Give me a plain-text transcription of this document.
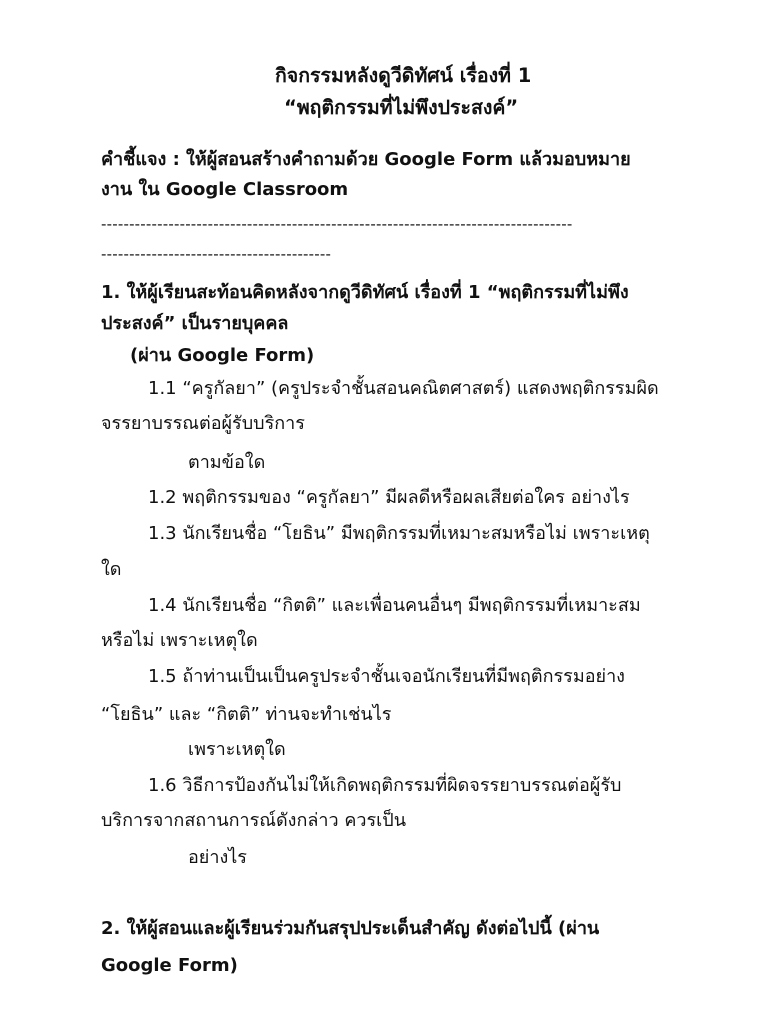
กิจกรรมหลังดูวีดิทัศน์ เรื่องที่ 1
“พฤติกรรมที่ไม่พึงประสงค์”
คำชี้แจง : ให้ผู้สอนสร้างคำถามด้วย Google Form แล้วมอบหมาย
งาน ใน Google Classroom
------------------------------------------------------------------------------------
-----------------------------------------
1. ให้ผู้เรียนสะท้อนคิดหลังจากดูวีดิทัศน์ เรื่องที่ 1 “พฤติกรรมที่ไม่พึง
ประสงค์” เป็นรายบุคคล
(ผ่าน Google Form)
1.1 “ครูกัลยา” (ครูประจำชั้นสอนคณิตศาสตร์) แสดงพฤติกรรมผิด
จรรยาบรรณต่อผู้รับบริการ
ตามข้อใด
1.2 พฤติกรรมของ “ครูกัลยา” มีผลดีหรือผลเสียต่อใคร อย่างไร
1.3 นักเรียนชื่อ “โยธิน” มีพฤติกรรมที่เหมาะสมหรือไม่ เพราะเหตุ
ใด
1.4 นักเรียนชื่อ “กิตติ” และเพื่อนคนอื่นๆ มีพฤติกรรมที่เหมาะสม
หรือไม่ เพราะเหตุใด
1.5 ถ้าท่านเป็นเป็นครูประจำชั้นเจอนักเรียนที่มีพฤติกรรมอย่าง
“โยธิน” และ “กิตติ” ท่านจะทำเช่นไร
เพราะเหตุใด
1.6 วิธีการป้องกันไม่ให้เกิดพฤติกรรมที่ผิดจรรยาบรรณต่อผู้รับ
บริการจากสถานการณ์ดังกล่าว ควรเป็น
อย่างไร
2. ให้ผู้สอนและผู้เรียนร่วมกันสรุปประเด็นสำคัญ ดังต่อไปนี้ (ผ่าน
Google Form)
